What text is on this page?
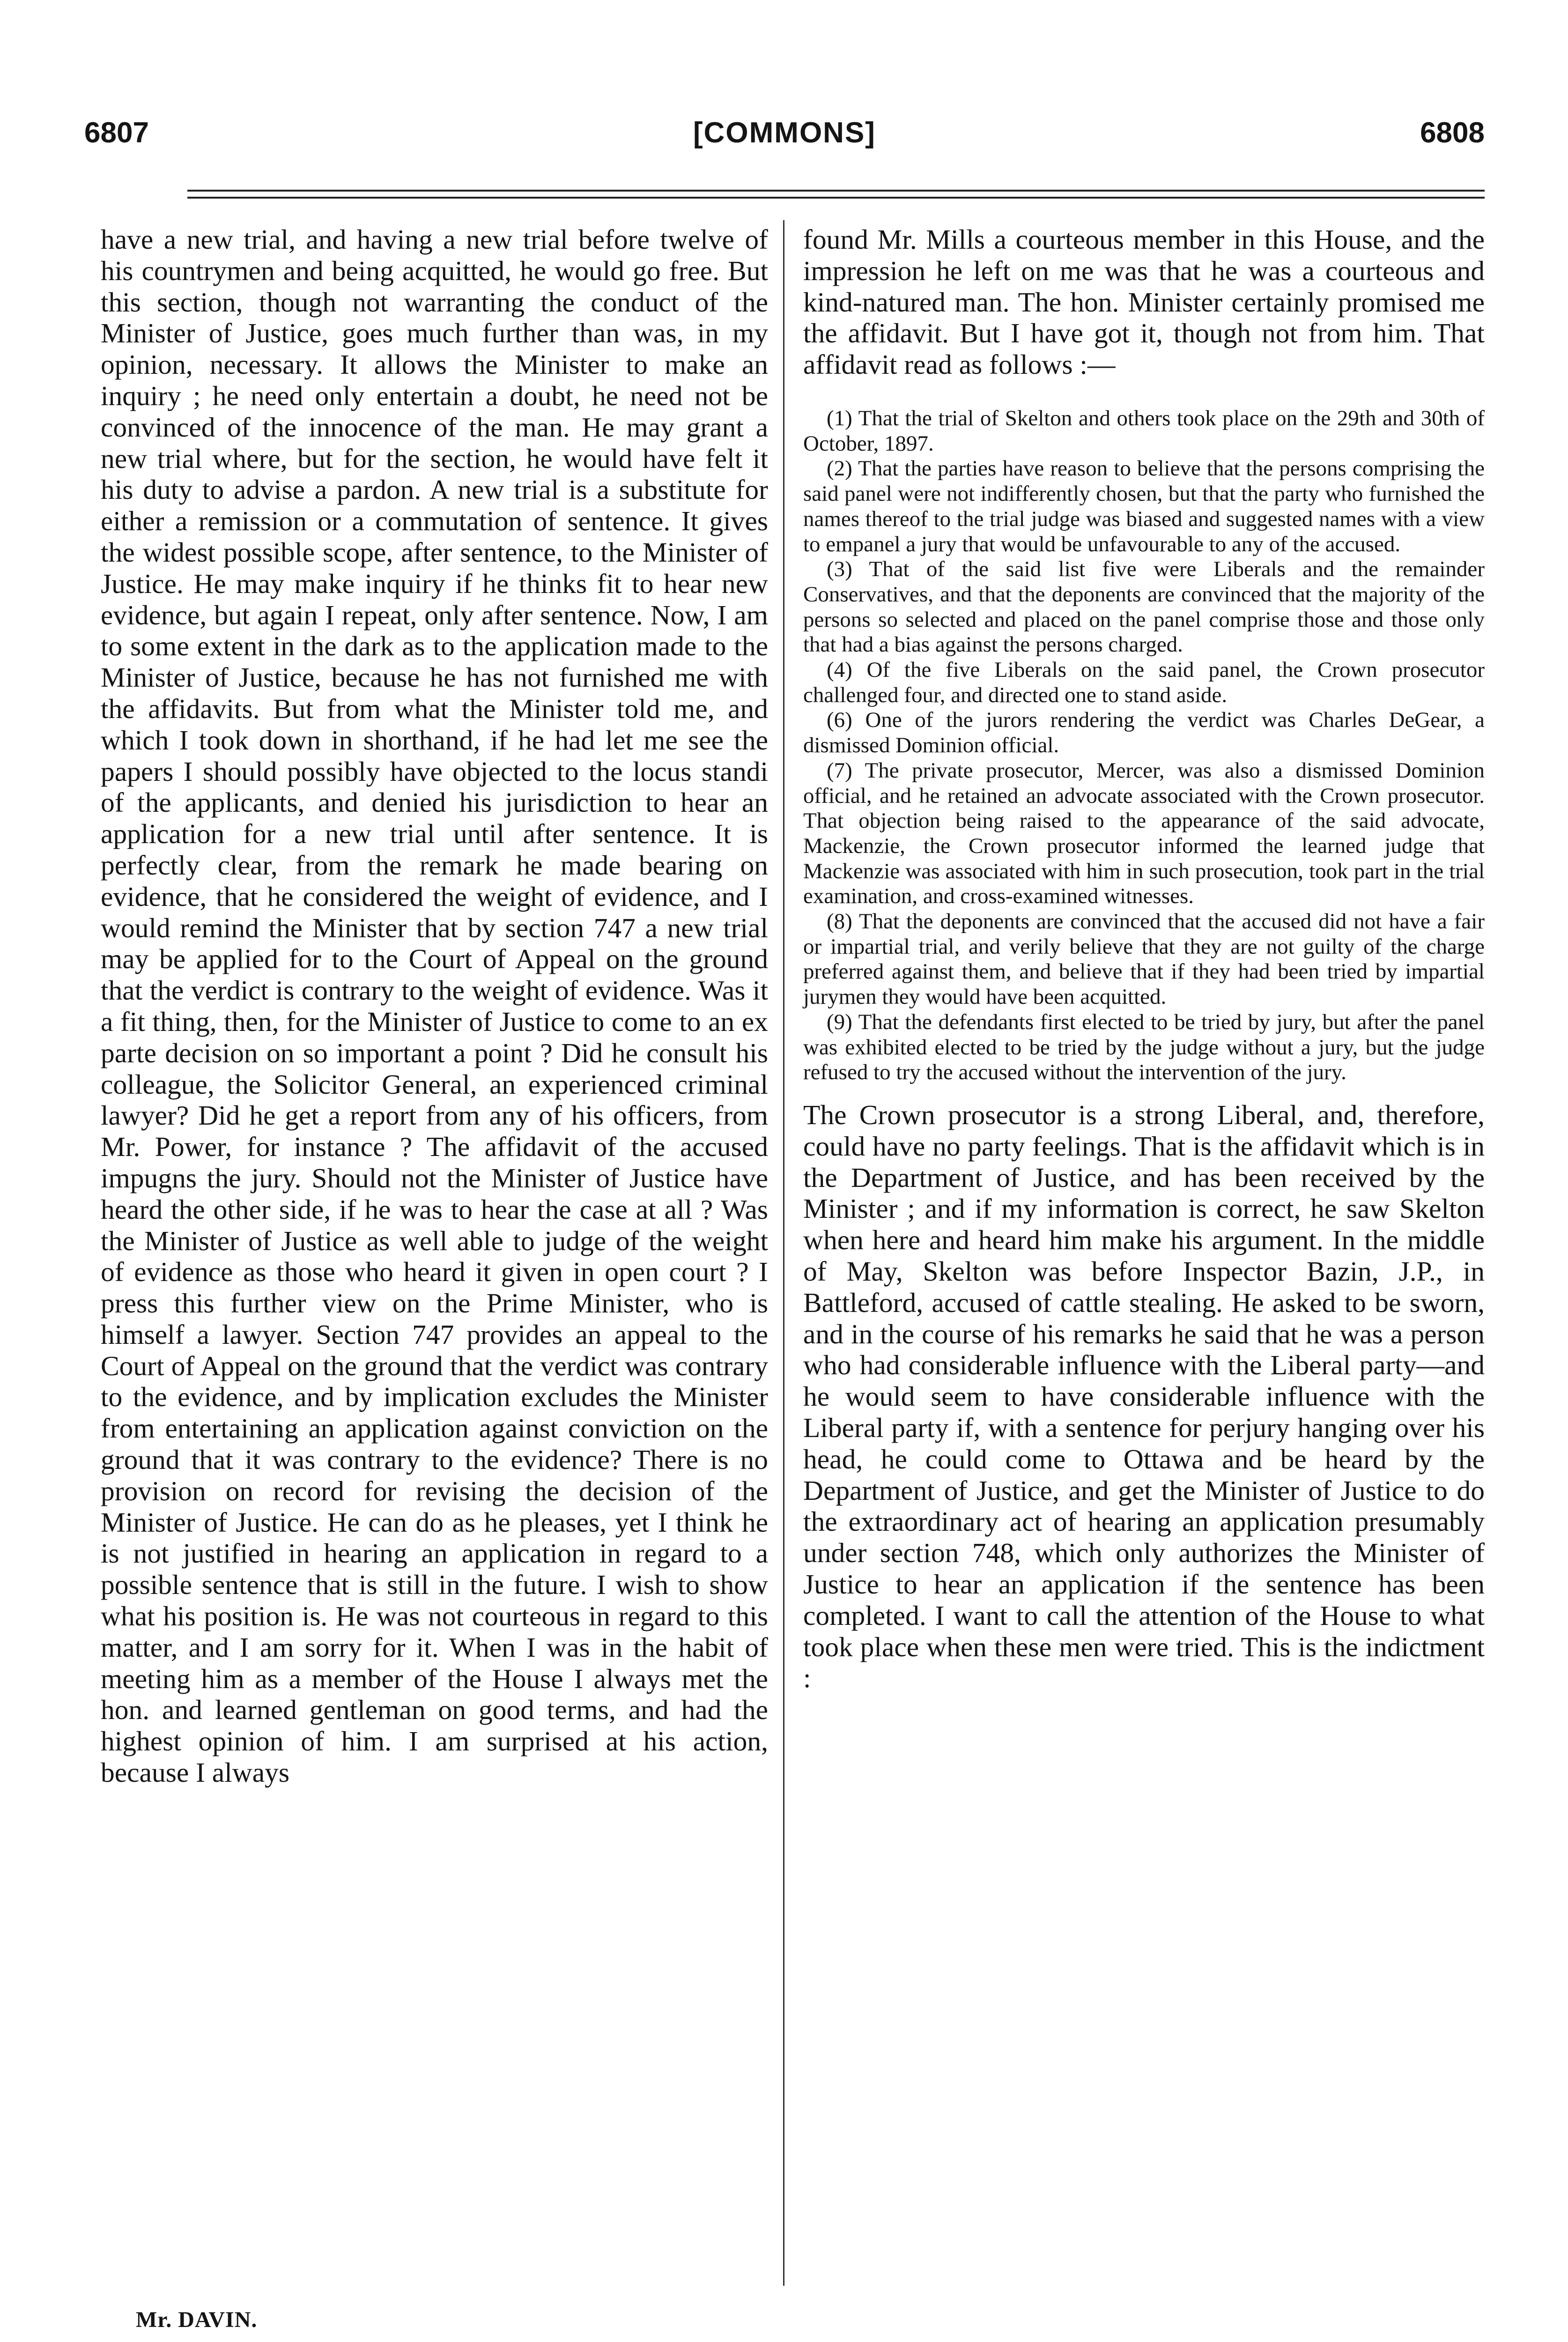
6807	[COMMONS]	6808

have a new trial, and having a new trial before twelve of his countrymen and being acquitted, he would go free. But this section, though not warranting the conduct of the Minister of Justice, goes much further than was, in my opinion, necessary. It allows the Minister to make an inquiry ; he need only entertain a doubt, he need not be convinced of the innocence of the man. He may grant a new trial where, but for the section, he would have felt it his duty to advise a pardon. A new trial is a substitute for either a remission or a commutation of sentence. It gives the widest possible scope, after sentence, to the Minister of Justice. He may make inquiry if he thinks fit to hear new evidence, but again I repeat, only after sentence. Now, I am to some extent in the dark as to the application made to the Minister of Justice, because he has not furnished me with the affidavits. But from what the Minister told me, and which I took down in shorthand, if he had let me see the papers I should possibly have objected to the locus standi of the applicants, and denied his jurisdiction to hear an application for a new trial until after sentence. It is perfectly clear, from the remark he made bearing on evidence, that he considered the weight of evidence, and I would remind the Minister that by section 747 a new trial may be applied for to the Court of Appeal on the ground that the verdict is contrary to the weight of evidence. Was it a fit thing, then, for the Minister of Justice to come to an ex parte decision on so important a point ? Did he consult his colleague, the Solicitor General, an experienced criminal lawyer? Did he get a report from any of his officers, from Mr. Power, for instance ? The affidavit of the accused impugns the jury. Should not the Minister of Justice have heard the other side, if he was to hear the case at all ? Was the Minister of Justice as well able to judge of the weight of evidence as those who heard it given in open court ? I press this further view on the Prime Minister, who is himself a lawyer. Section 747 provides an appeal to the Court of Appeal on the ground that the verdict was contrary to the evidence, and by implication excludes the Minister from entertaining an application against conviction on the ground that it was contrary to the evidence? There is no provision on record for revising the decision of the Minister of Justice. He can do as he pleases, yet I think he is not justified in hearing an application in regard to a possible sentence that is still in the future. I wish to show what his position is. He was not courteous in regard to this matter, and I am sorry for it. When I was in the habit of meeting him as a member of the House I always met the hon. and learned gentleman on good terms, and had the highest opinion of him. I am surprised at his action, because I always

found Mr. Mills a courteous member in this House, and the impression he left on me was that he was a courteous and kind-natured man. The hon. Minister certainly promised me the affidavit. But I have got it, though not from him. That affidavit read as follows :—

(1) That the trial of Skelton and others took place on the 29th and 30th of October, 1897.

(2) That the parties have reason to believe that the persons comprising the said panel were not indifferently chosen, but that the party who furnished the names thereof to the trial judge was biased and suggested names with a view to empanel a jury that would be unfavourable to any of the accused.

(3) That of the said list five were Liberals and the remainder Conservatives, and that the deponents are convinced that the majority of the persons so selected and placed on the panel comprise those and those only that had a bias against the persons charged.

(4) Of the five Liberals on the said panel, the Crown prosecutor challenged four, and directed one to stand aside.

(6) One of the jurors rendering the verdict was Charles DeGear, a dismissed Dominion official.

(7) The private prosecutor, Mercer, was also a dismissed Dominion official, and he retained an advocate associated with the Crown prosecutor. That objection being raised to the appearance of the said advocate, Mackenzie, the Crown prosecutor informed the learned judge that Mackenzie was associated with him in such prosecution, took part in the trial examination, and cross-examined witnesses.

(8) That the deponents are convinced that the accused did not have a fair or impartial trial, and verily believe that they are not guilty of the charge preferred against them, and believe that if they had been tried by impartial jurymen they would have been acquitted.

(9) That the defendants first elected to be tried by jury, but after the panel was exhibited elected to be tried by the judge without a jury, but the judge refused to try the accused without the intervention of the jury.

The Crown prosecutor is a strong Liberal, and, therefore, could have no party feelings. That is the affidavit which is in the Department of Justice, and has been received by the Minister ; and if my information is correct, he saw Skelton when here and heard him make his argument. In the middle of May, Skelton was before Inspector Bazin, J.P., in Battleford, accused of cattle stealing. He asked to be sworn, and in the course of his remarks he said that he was a person who had considerable influence with the Liberal party—and he would seem to have considerable influence with the Liberal party if, with a sentence for perjury hanging over his head, he could come to Ottawa and be heard by the Department of Justice, and get the Minister of Justice to do the extraordinary act of hearing an application presumably under section 748, which only authorizes the Minister of Justice to hear an application if the sentence has been completed. I want to call the attention of the House to what took place when these men were tried. This is the indictment :

Mr. DAVIN.
